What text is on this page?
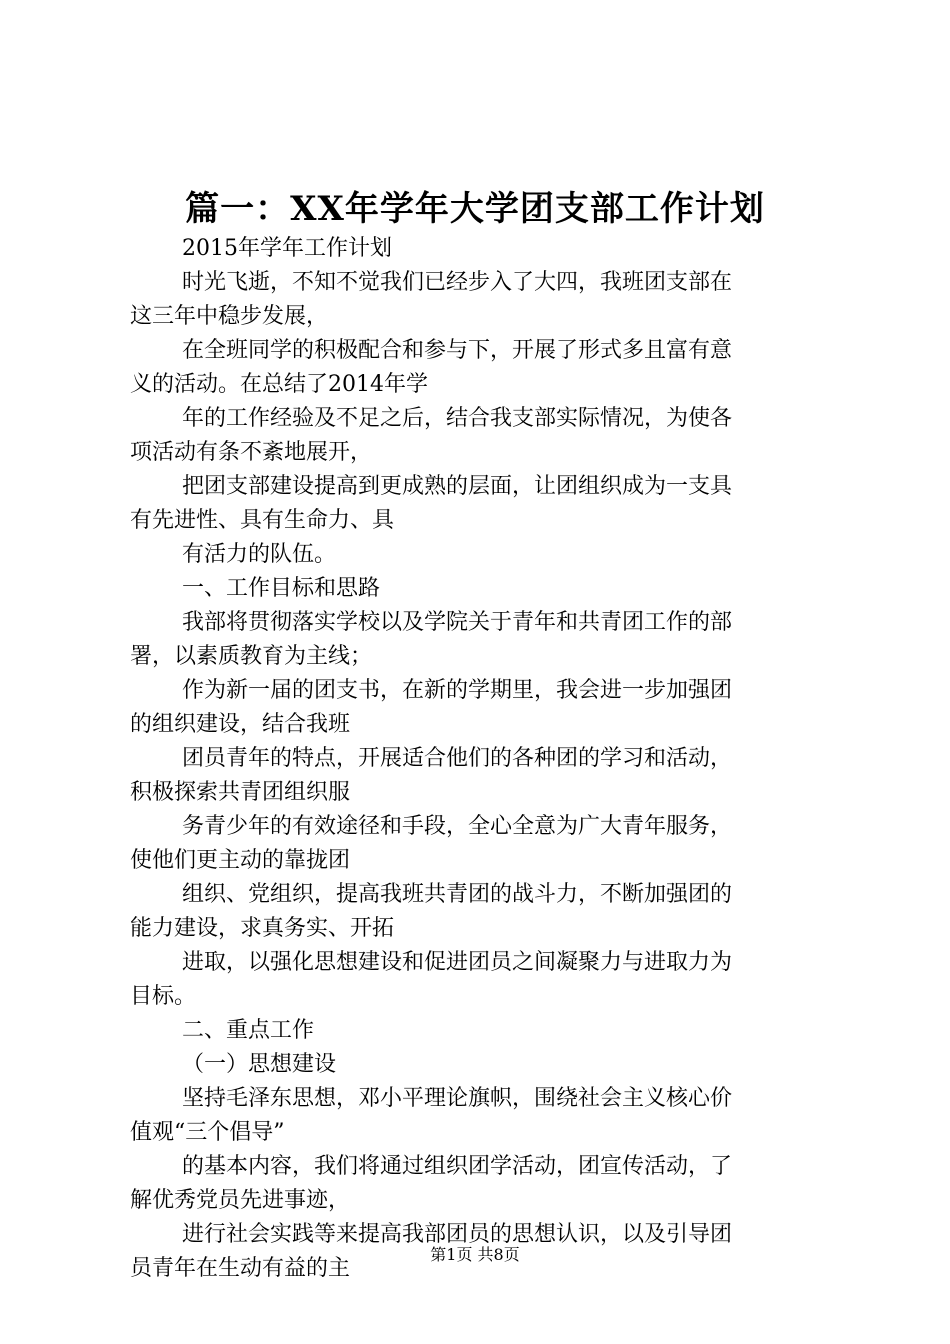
篇一：XX年学年大学团支部工作计划

2015年学年工作计划

时光飞逝，不知不觉我们已经步入了大四，我班团支部在
这三年中稳步发展，

在全班同学的积极配合和参与下，开展了形式多且富有意
义的活动。在总结了2014年学

年的工作经验及不足之后，结合我支部实际情况，为使各
项活动有条不紊地展开，

把团支部建设提高到更成熟的层面，让团组织成为一支具
有先进性、具有生命力、具

有活力的队伍。

一、工作目标和思路

我部将贯彻落实学校以及学院关于青年和共青团工作的部
署，以素质教育为主线；

作为新一届的团支书，在新的学期里，我会进一步加强团
的组织建设，结合我班

团员青年的特点，开展适合他们的各种团的学习和活动，
积极探索共青团组织服

务青少年的有效途径和手段，全心全意为广大青年服务，
使他们更主动的靠拢团

组织、党组织，提高我班共青团的战斗力，不断加强团的
能力建设，求真务实、开拓

进取，以强化思想建设和促进团员之间凝聚力与进取力为
目标。

二、重点工作

（一）思想建设

坚持毛泽东思想，邓小平理论旗帜，围绕社会主义核心价
值观“三个倡导”

的基本内容，我们将通过组织团学活动，团宣传活动，了
解优秀党员先进事迹，

进行社会实践等来提高我部团员的思想认识，以及引导团
员青年在生动有益的主

第1页 共8页
